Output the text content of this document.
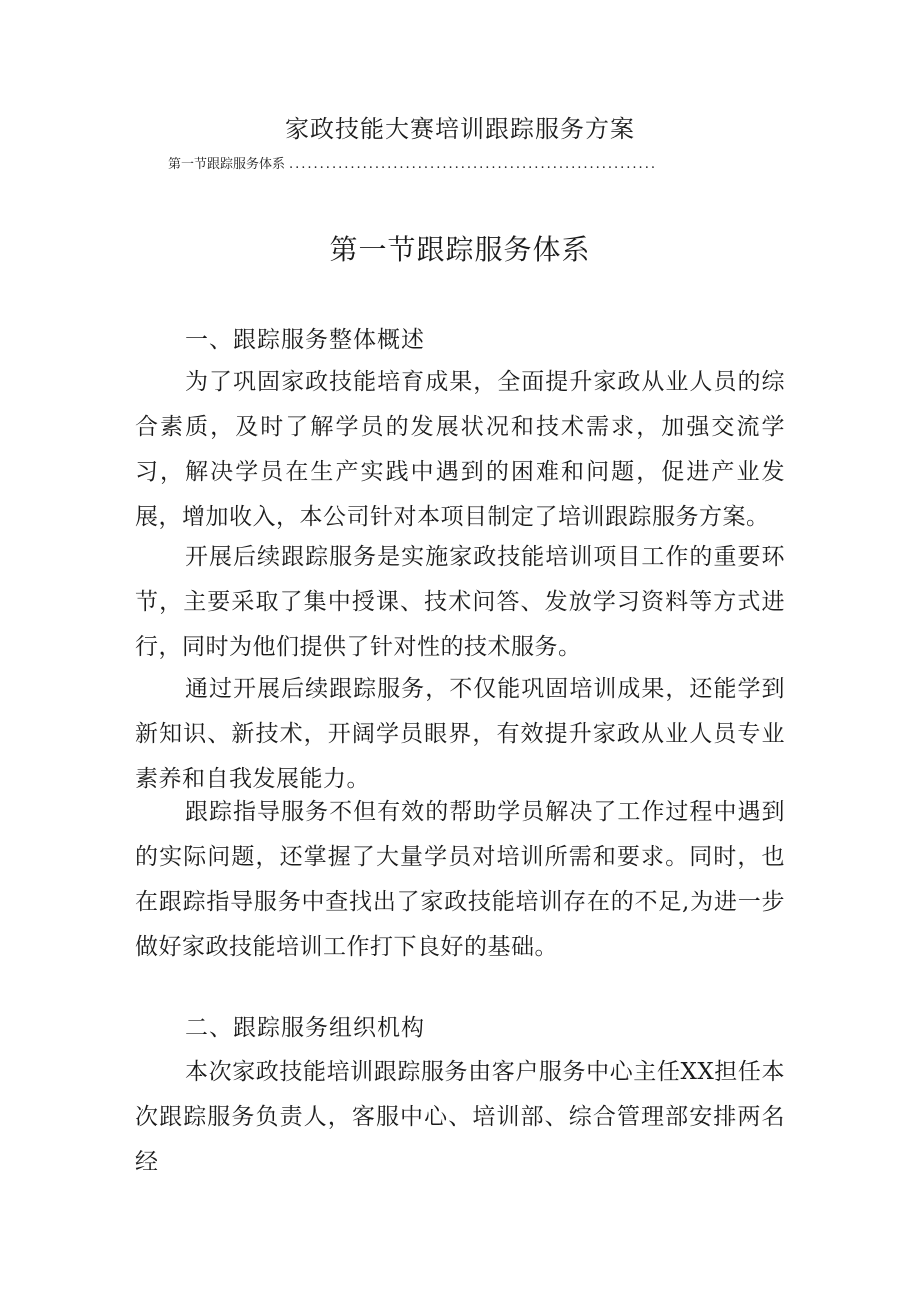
家政技能大赛培训跟踪服务方案
第一节跟踪服务体系 ............................................................
第一节跟踪服务体系
一、跟踪服务整体概述

为了巩固家政技能培育成果，全面提升家政从业人员的综合素质，及时了解学员的发展状况和技术需求，加强交流学习，解决学员在生产实践中遇到的困难和问题，促进产业发展，增加收入，本公司针对本项目制定了培训跟踪服务方案。

开展后续跟踪服务是实施家政技能培训项目工作的重要环节，主要采取了集中授课、技术问答、发放学习资料等方式进行，同时为他们提供了针对性的技术服务。

通过开展后续跟踪服务，不仅能巩固培训成果，还能学到新知识、新技术，开阔学员眼界，有效提升家政从业人员专业素养和自我发展能力。

跟踪指导服务不但有效的帮助学员解决了工作过程中遇到的实际问题，还掌握了大量学员对培训所需和要求。同时，也在跟踪指导服务中查找出了家政技能培训存在的不足,为进一步做好家政技能培训工作打下良好的基础。

二、跟踪服务组织机构

本次家政技能培训跟踪服务由客户服务中心主任XX担任本次跟踪服务负责人，客服中心、培训部、综合管理部安排两名经
